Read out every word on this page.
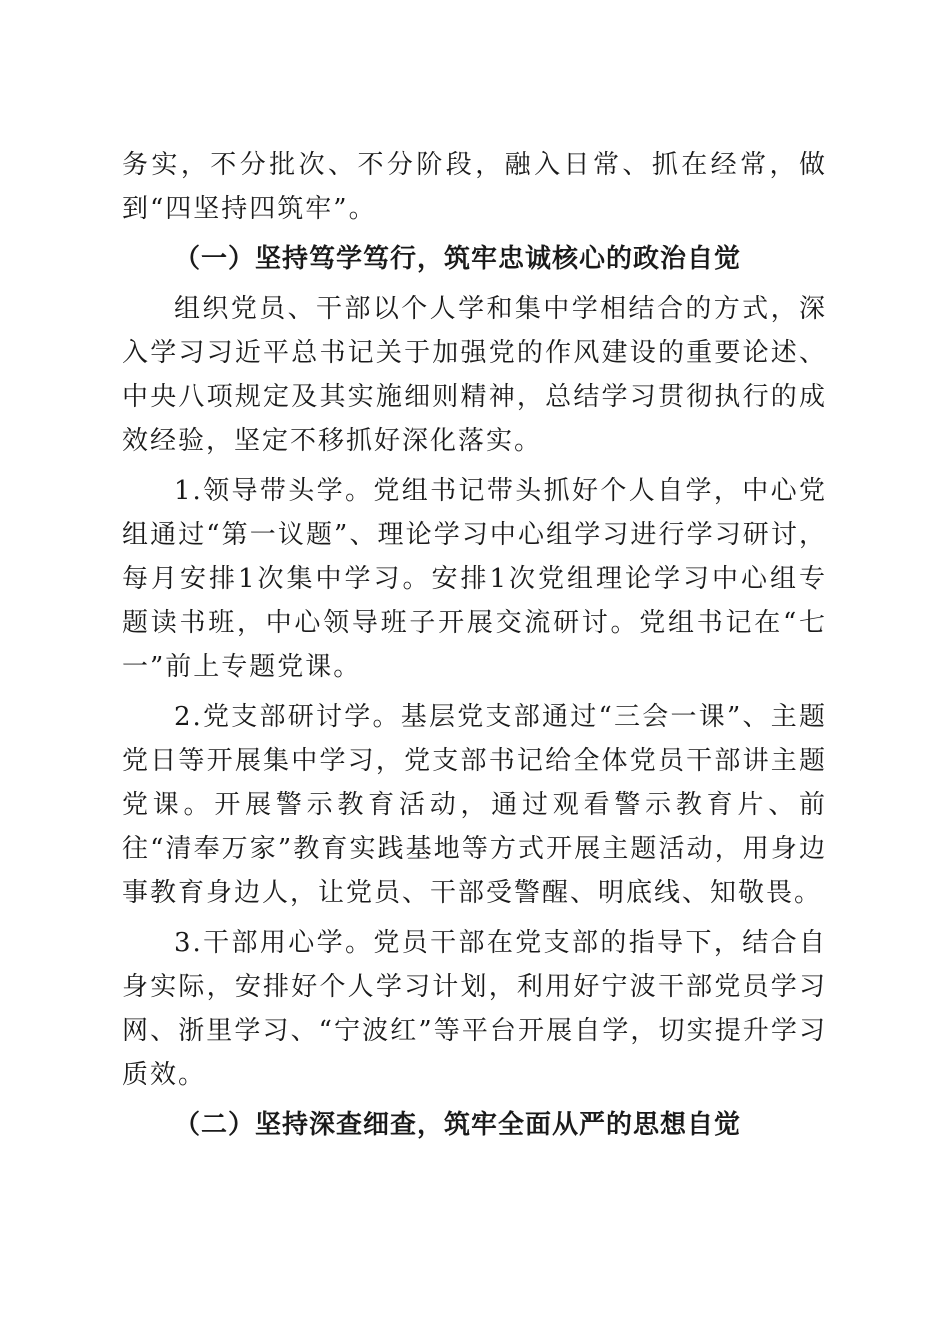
务实，不分批次、不分阶段，融入日常、抓在经常，做到“四坚持四筑牢”。

（一）坚持笃学笃行，筑牢忠诚核心的政治自觉

组织党员、干部以个人学和集中学相结合的方式，深入学习习近平总书记关于加强党的作风建设的重要论述、中央八项规定及其实施细则精神，总结学习贯彻执行的成效经验，坚定不移抓好深化落实。

1.领导带头学。党组书记带头抓好个人自学，中心党组通过“第一议题”、理论学习中心组学习进行学习研讨，每月安排1次集中学习。安排1次党组理论学习中心组专题读书班，中心领导班子开展交流研讨。党组书记在“七一”前上专题党课。

2.党支部研讨学。基层党支部通过“三会一课”、主题党日等开展集中学习，党支部书记给全体党员干部讲主题党课。开展警示教育活动，通过观看警示教育片、前往“清奉万家”教育实践基地等方式开展主题活动，用身边事教育身边人，让党员、干部受警醒、明底线、知敬畏。

3.干部用心学。党员干部在党支部的指导下，结合自身实际，安排好个人学习计划，利用好宁波干部党员学习网、浙里学习、“宁波红”等平台开展自学，切实提升学习质效。

（二）坚持深查细查，筑牢全面从严的思想自觉
